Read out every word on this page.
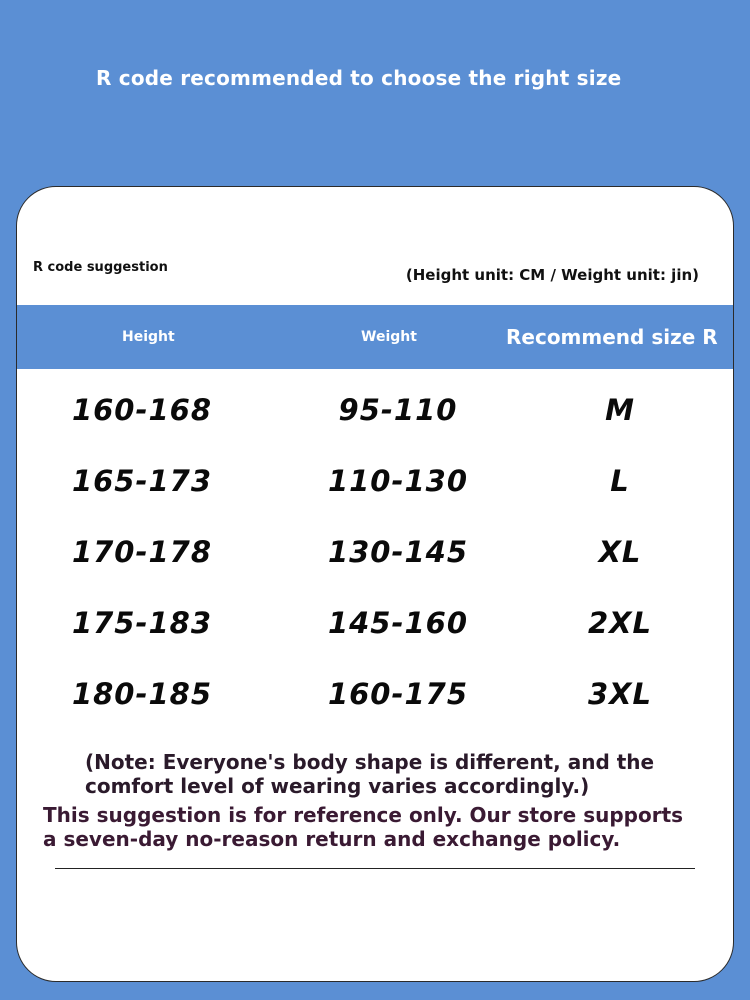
R code recommended to choose the right size
R code suggestion	(Height unit: CM / Weight unit: jin)
Height	Weight	Recommend size R
160-168	95-110	M
165-173	110-130	L
170-178	130-145	XL
175-183	145-160	2XL
180-185	160-175	3XL
(Note: Everyone's body shape is different, and the comfort level of wearing varies accordingly.)
This suggestion is for reference only. Our store supports a seven-day no-reason return and exchange policy.
